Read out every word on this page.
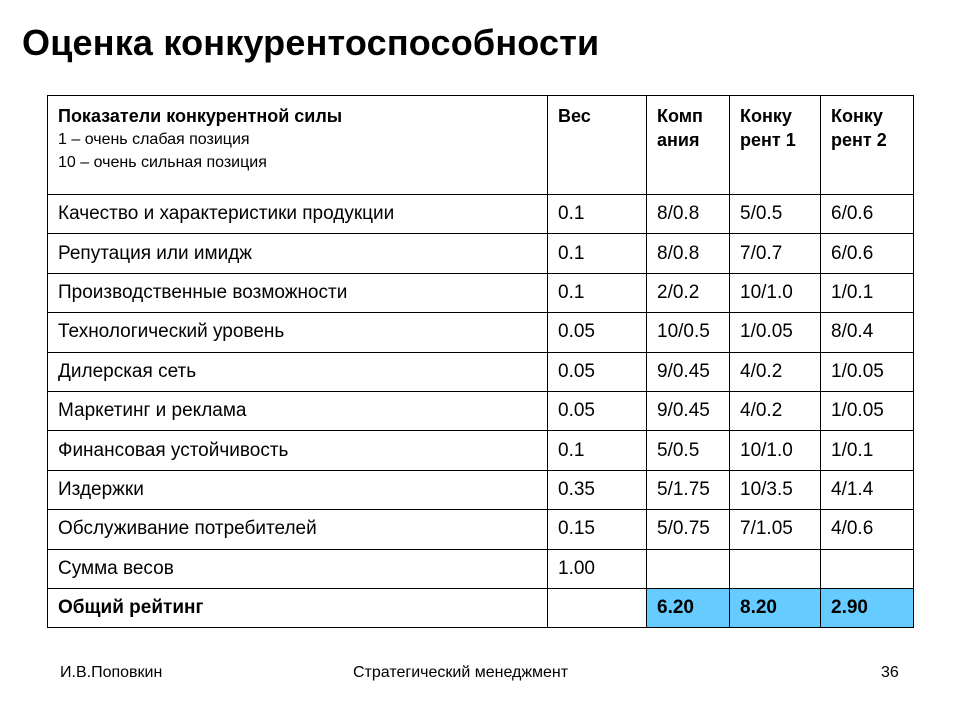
Оценка конкурентоспособности
Показатели конкурентной силы
1 – очень слабая позиция
10 – очень сильная позиция	Вес	Комп ания	Конку рент 1	Конку рент 2
Качество и характеристики продукции	0.1	8/0.8	5/0.5	6/0.6
Репутация или имидж	0.1	8/0.8	7/0.7	6/0.6
Производственные возможности	0.1	2/0.2	10/1.0	1/0.1
Технологический уровень	0.05	10/0.5	1/0.05	8/0.4
Дилерская сеть	0.05	9/0.45	4/0.2	1/0.05
Маркетинг и реклама	0.05	9/0.45	4/0.2	1/0.05
Финансовая устойчивость	0.1	5/0.5	10/1.0	1/0.1
Издержки	0.35	5/1.75	10/3.5	4/1.4
Обслуживание потребителей	0.15	5/0.75	7/1.05	4/0.6
Сумма весов	1.00			
Общий рейтинг		6.20	8.20	2.90
И.В.Поповкин	Стратегический менеджмент	36
